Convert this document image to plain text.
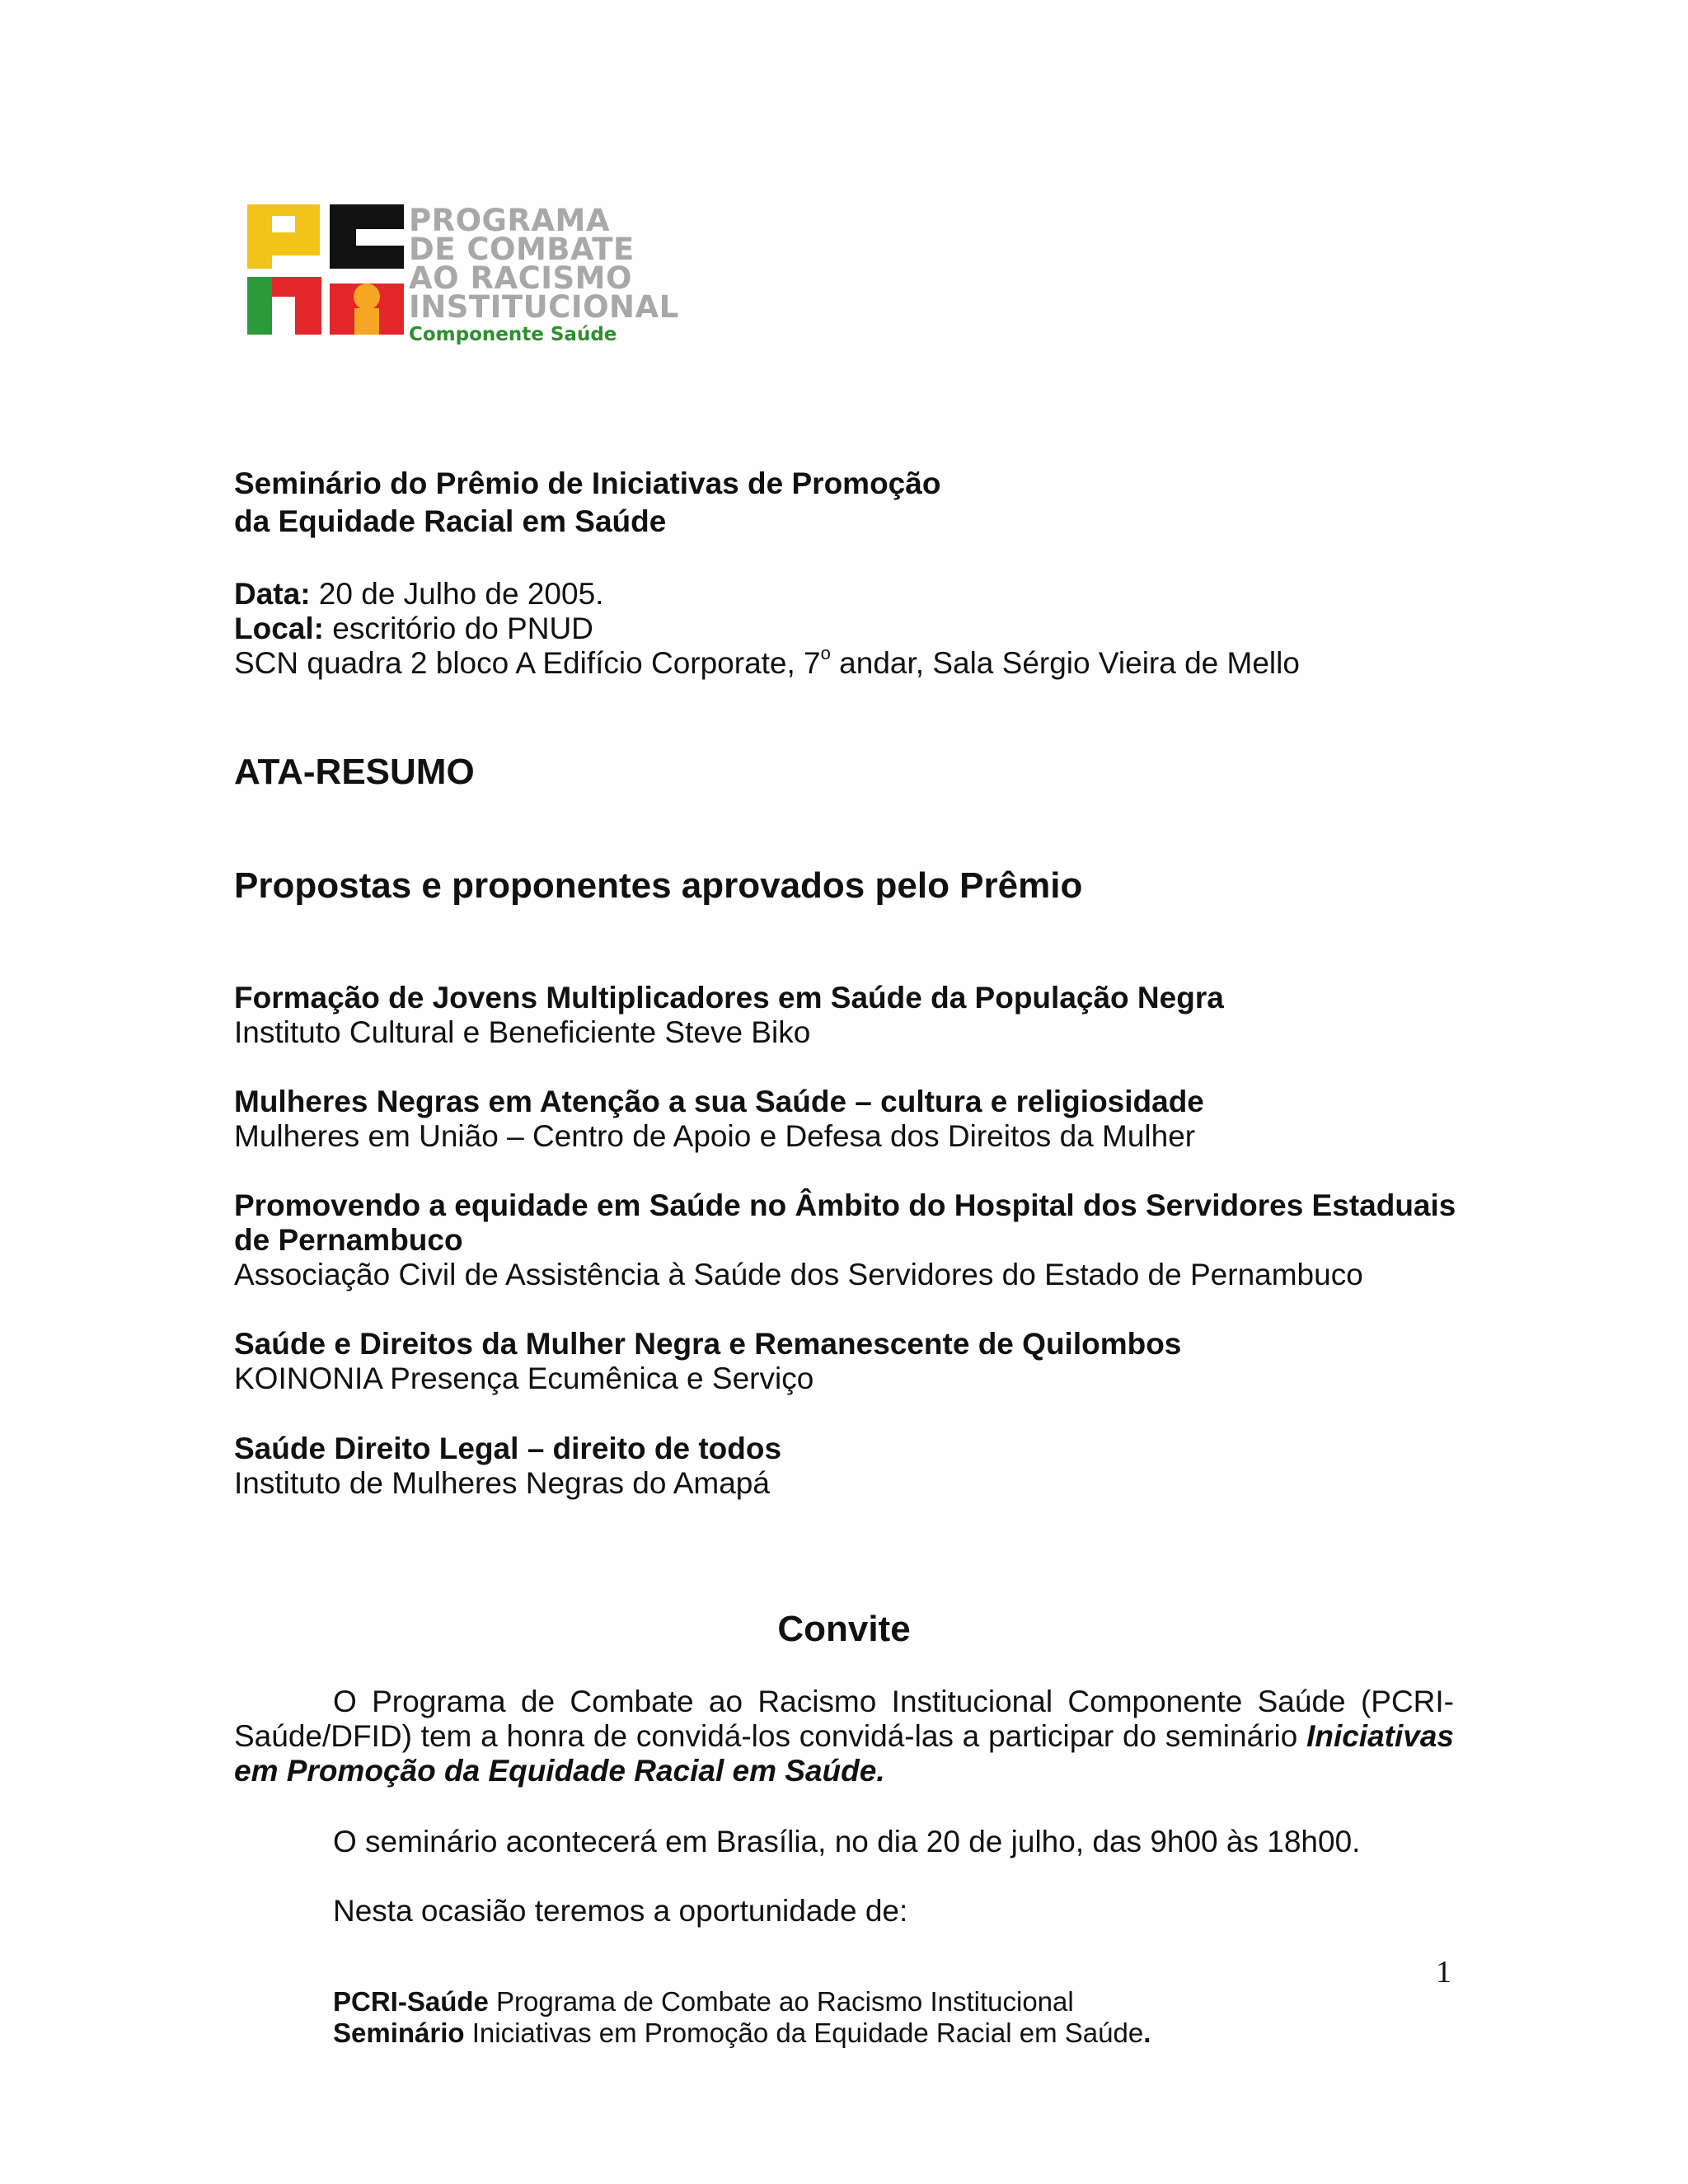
PROGRAMA
DE COMBATE
AO RACISMO
INSTITUCIONAL
Componente Saúde
Seminário do Prêmio de Iniciativas de Promoção
da Equidade Racial em Saúde
Data: 20 de Julho de 2005.
Local: escritório do PNUD
SCN quadra 2 bloco A Edifício Corporate, 7$^o$ andar, Sala Sérgio Vieira de Mello
ATA-RESUMO
Propostas e proponentes aprovados pelo Prêmio
Formação de Jovens Multiplicadores em Saúde da População Negra
Instituto Cultural e Beneficiente Steve Biko
Mulheres Negras em Atenção a sua Saúde – cultura e religiosidade
Mulheres em União – Centro de Apoio e Defesa dos Direitos da Mulher
Promovendo a equidade em Saúde no Âmbito do Hospital dos Servidores Estaduais
de Pernambuco
Associação Civil de Assistência à Saúde dos Servidores do Estado de Pernambuco
Saúde e Direitos da Mulher Negra e Remanescente de Quilombos
KOINONIA Presença Ecumênica e Serviço
Saúde Direito Legal – direito de todos
Instituto de Mulheres Negras do Amapá
Convite
O Programa de Combate ao Racismo Institucional Componente Saúde (PCRI-Saúde/DFID) tem a honra de convidá-los convidá-las a participar do seminário Iniciativas em Promoção da Equidade Racial em Saúde.
O seminário acontecerá em Brasília, no dia 20 de julho, das 9h00 às 18h00.
Nesta ocasião teremos a oportunidade de:
1
PCRI-Saúde Programa de Combate ao Racismo Institucional
Seminário Iniciativas em Promoção da Equidade Racial em Saúde.
